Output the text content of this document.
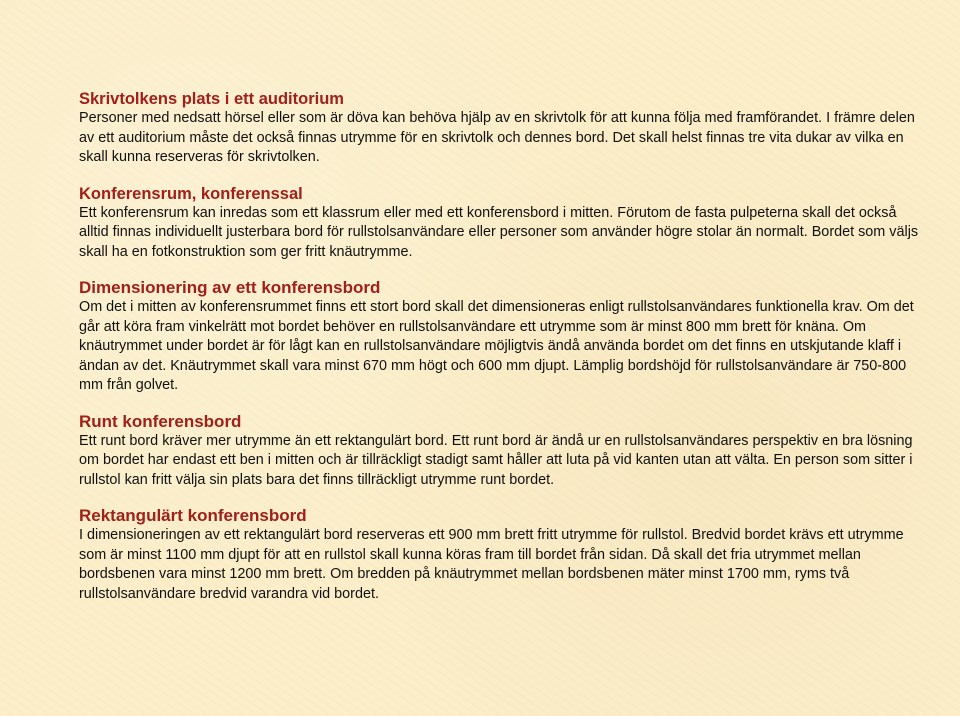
Skrivtolkens plats i ett auditorium

Personer med nedsatt hörsel eller som är döva kan behöva hjälp av en skrivtolk för att kunna följa med framförandet. I främre delen av ett auditorium måste det också finnas utrymme för en skrivtolk och dennes bord. Det skall helst finnas tre vita dukar av vilka en skall kunna reserveras för skrivtolken.

Konferensrum, konferenssal

Ett konferensrum kan inredas som ett klassrum eller med ett konferensbord i mitten. Förutom de fasta pulpeterna skall det också alltid finnas individuellt justerbara bord för rullstolsanvändare eller personer som använder högre stolar än normalt. Bordet som väljs skall ha en fotkonstruktion som ger fritt knäutrymme.

Dimensionering av ett konferensbord

Om det i mitten av konferensrummet finns ett stort bord skall det dimensioneras enligt rullstolsanvändares funktionella krav. Om det går att köra fram vinkelrätt mot bordet behöver en rullstolsanvändare ett utrymme som är minst 800 mm brett för knäna. Om knäutrymmet under bordet är för lågt kan en rullstolsanvändare möjligtvis ändå använda bordet om det finns en utskjutande klaff i ändan av det. Knäutrymmet skall vara minst 670 mm högt och 600 mm djupt. Lämplig bordshöjd för rullstolsanvändare är 750-800 mm från golvet.

Runt konferensbord

Ett runt bord kräver mer utrymme än ett rektangulärt bord. Ett runt bord är ändå ur en rullstolsanvändares perspektiv en bra lösning om bordet har endast ett ben i mitten och är tillräckligt stadigt samt håller att luta på vid kanten utan att välta. En person som sitter i rullstol kan fritt välja sin plats bara det finns tillräckligt utrymme runt bordet.

Rektangulärt konferensbord

I dimensioneringen av ett rektangulärt bord reserveras ett 900 mm brett fritt utrymme för rullstol. Bredvid bordet krävs ett utrymme som är minst 1100 mm djupt för att en rullstol skall kunna köras fram till bordet från sidan. Då skall det fria utrymmet mellan bordsbenen vara minst 1200 mm brett. Om bredden på knäutrymmet mellan bordsbenen mäter minst 1700 mm, ryms två rullstolsanvändare bredvid varandra vid bordet.
